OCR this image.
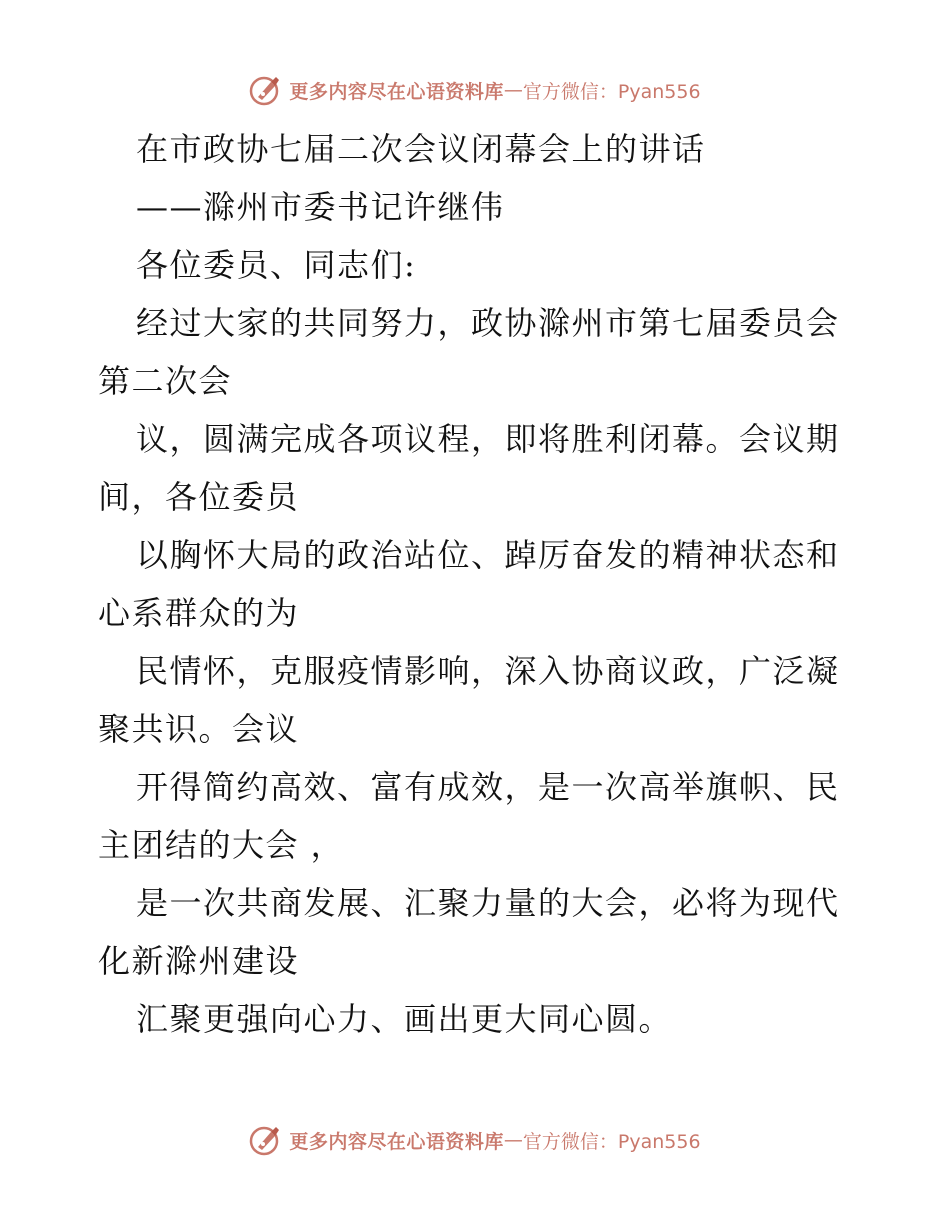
更多内容尽在心语资料库 — 官方微信：Pyan556
在市政协七届二次会议闭幕会上的讲话
——滁州市委书记许继伟
各位委员、同志们:
经过大家的共同努力，政协滁州市第七届委员会
第二次会
议，圆满完成各项议程，即将胜利闭幕。会议期
间，各位委员
以胸怀大局的政治站位、踔厉奋发的精神状态和
心系群众的为
民情怀，克服疫情影响，深入协商议政，广泛凝
聚共识。会议
开得简约高效、富有成效，是一次高举旗帜、民
主团结的大会 ，
是一次共商发展、汇聚力量的大会，必将为现代
化新滁州建设
汇聚更强向心力、画出更大同心圆。
更多内容尽在心语资料库 — 官方微信：Pyan556
